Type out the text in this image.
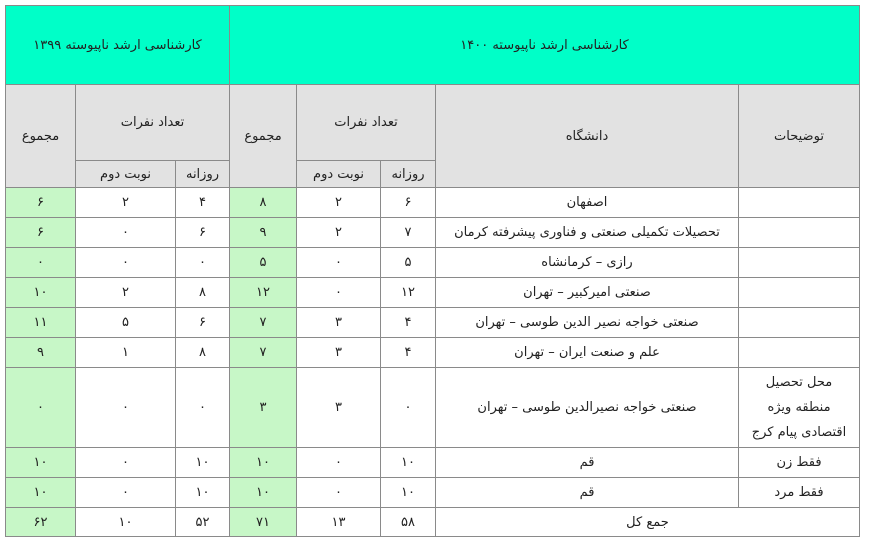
کارشناسی ارشد ناپیوسته ۱۳۹۹			کارشناسی ارشد ناپیوسته ۱۴۰۰				
مجموع	تعداد نفرات		مجموع	تعداد نفرات		دانشگاه	توضیحات
	نوبت دوم	روزانه		نوبت دوم	روزانه		
۶	۲	۴	۸	۲	۶	اصفهان	
۶	۰	۶	۹	۲	۷	تحصیلات تکمیلی صنعتی و فناوری پیشرفته کرمان	
۰	۰	۰	۵	۰	۵	رازی – کرمانشاه	
۱۰	۲	۸	۱۲	۰	۱۲	صنعتی امیرکبیر – تهران	
۱۱	۵	۶	۷	۳	۴	صنعتی خواجه نصیر الدین طوسی – تهران	
۹	۱	۸	۷	۳	۴	علم و صنعت ایران – تهران	
۰	۰	۰	۳	۳	۰	صنعتی خواجه نصیرالدین طوسی – تهران	محل تحصیل
منطقه ویژه
اقتصادی پیام کرج

۱۰	۰	۱۰	۱۰	۰	۱۰	قم	فقط زن

۱۰	۰	۱۰	۱۰	۰	۱۰	قم	فقط مرد

۶۲	۱۰	۵۲	۷۱	۱۳	۵۸	جمع کل	
